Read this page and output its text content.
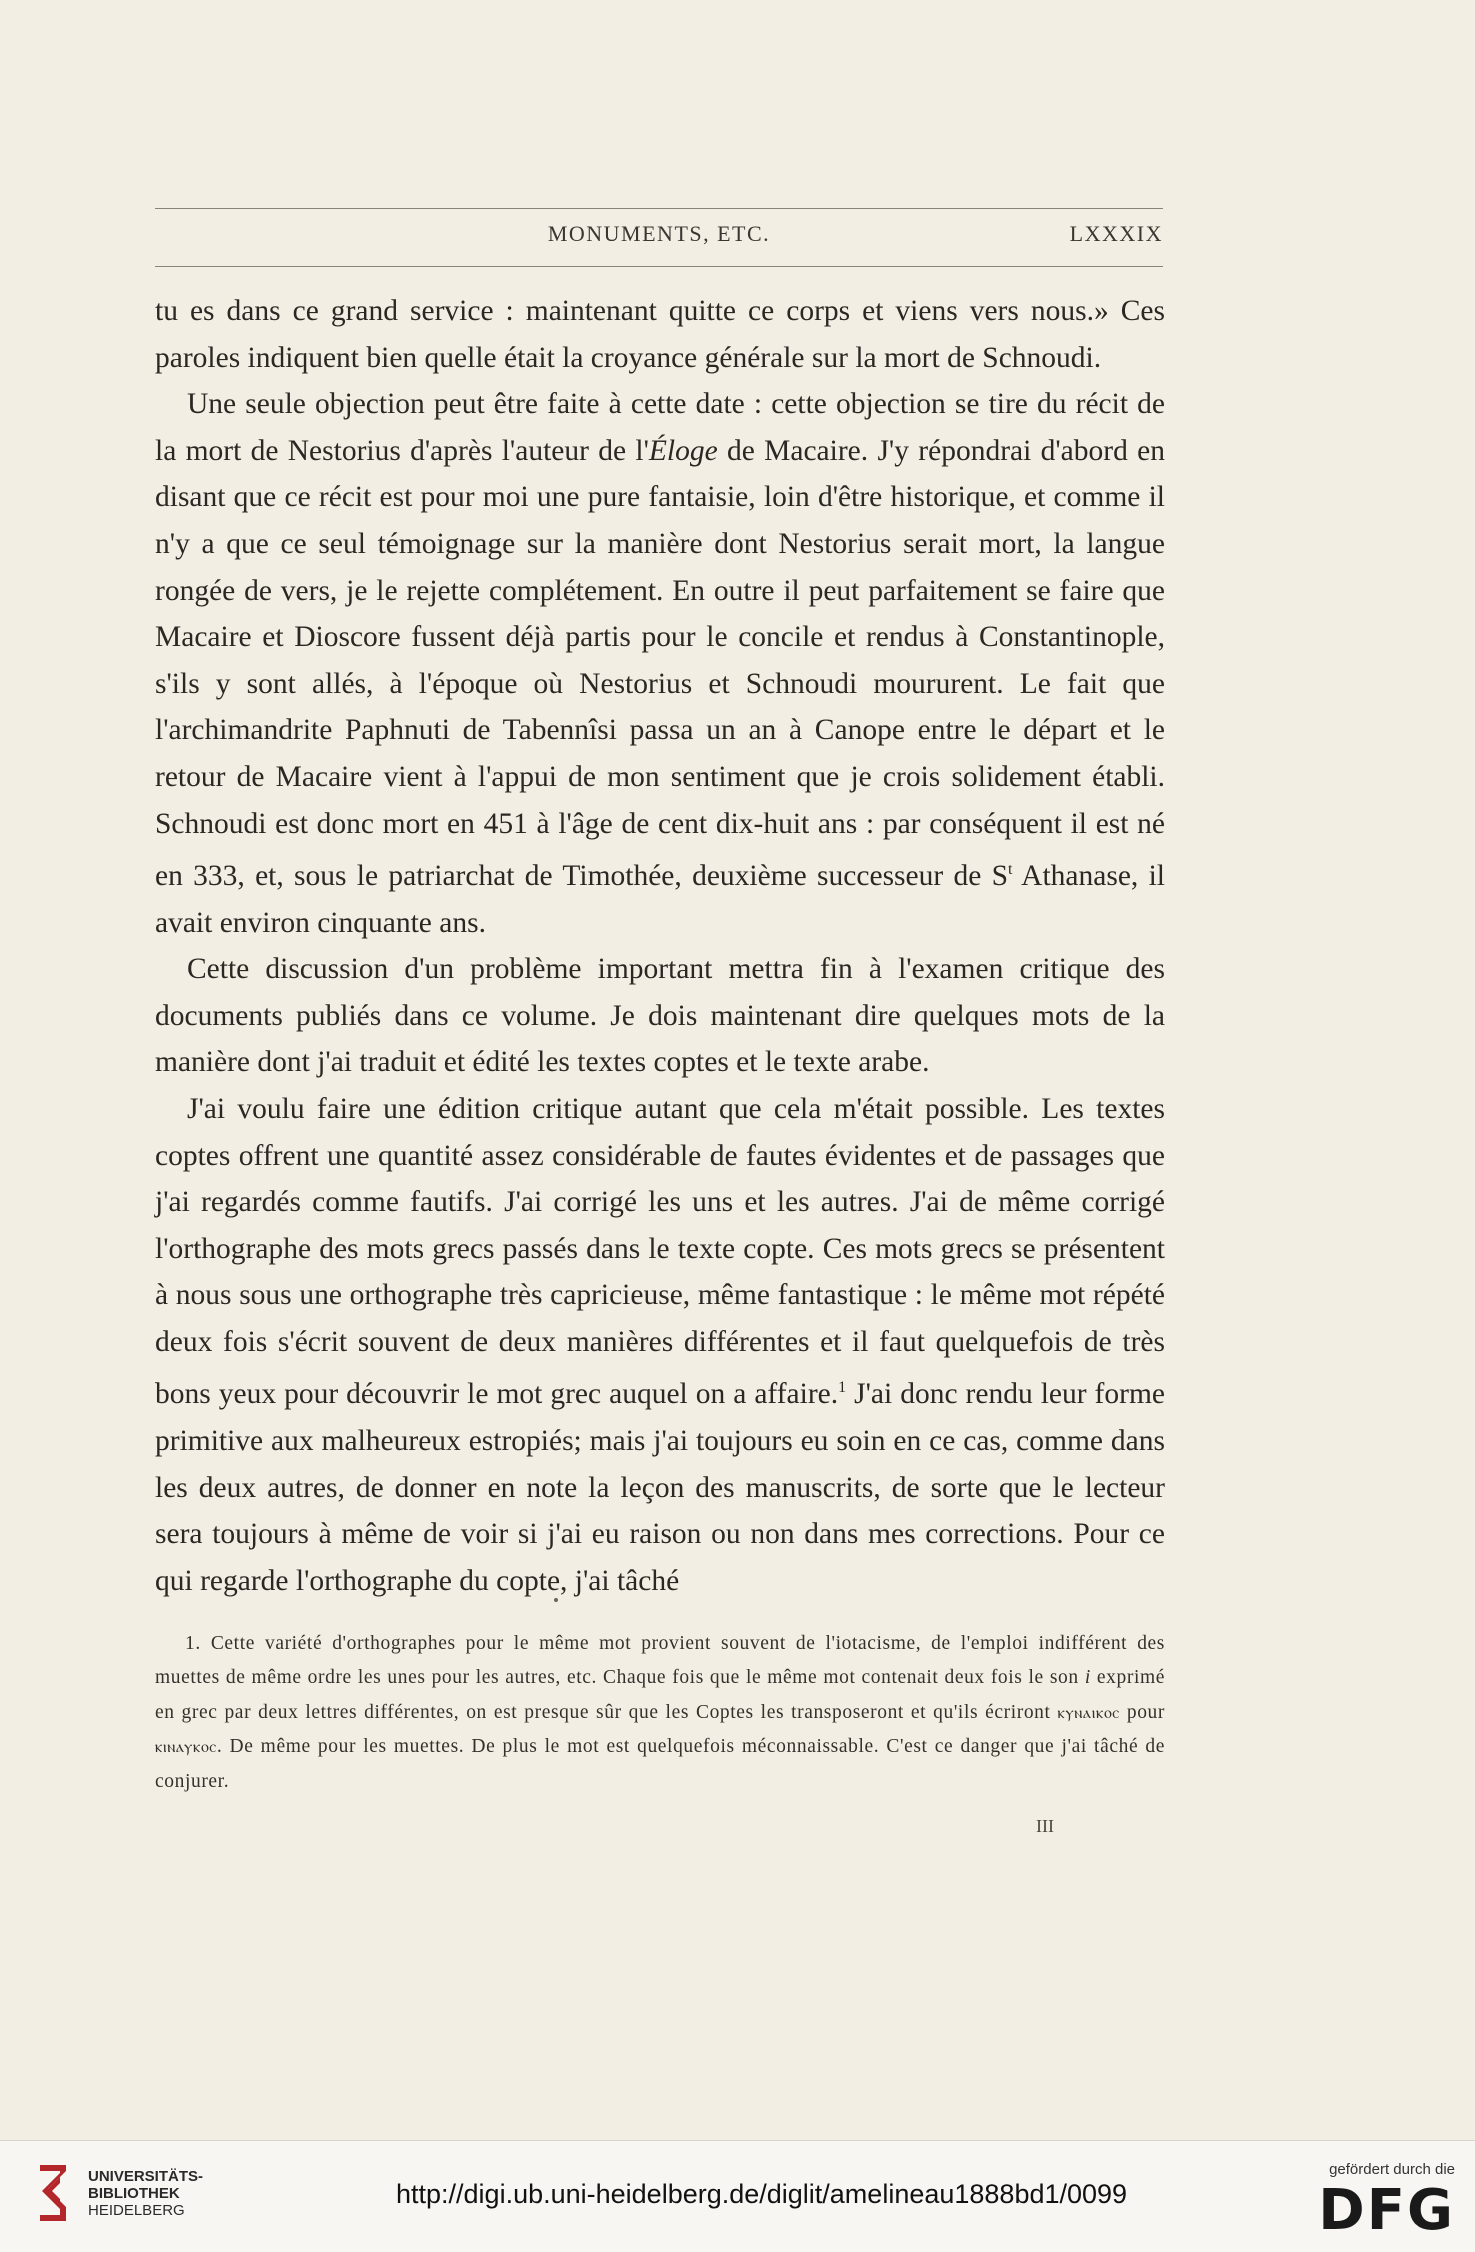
MONUMENTS, ETC.	LXXXIX

tu es dans ce grand service : maintenant quitte ce corps et viens vers nous.» Ces paroles indiquent bien quelle était la croyance générale sur la mort de Schnoudi.

Une seule objection peut être faite à cette date : cette objection se tire du récit de la mort de Nestorius d'après l'auteur de l'Éloge de Macaire. J'y répondrai d'abord en disant que ce récit est pour moi une pure fantaisie, loin d'être historique, et comme il n'y a que ce seul témoignage sur la manière dont Nestorius serait mort, la langue rongée de vers, je le rejette complétement. En outre il peut parfaitement se faire que Macaire et Dioscore fussent déjà partis pour le concile et rendus à Constantinople, s'ils y sont allés, à l'époque où Nestorius et Schnoudi moururent. Le fait que l'archimandrite Paphnuti de Tabennîsi passa un an à Canope entre le départ et le retour de Macaire vient à l'appui de mon sentiment que je crois solidement établi. Schnoudi est donc mort en 451 à l'âge de cent dix-huit ans : par conséquent il est né en 333, et, sous le patriarchat de Timothée, deuxième successeur de $S^t$ Athanase, il avait environ cinquante ans.

Cette discussion d'un problème important mettra fin à l'examen critique des documents publiés dans ce volume. Je dois maintenant dire quelques mots de la manière dont j'ai traduit et édité les textes coptes et le texte arabe.

J'ai voulu faire une édition critique autant que cela m'était possible. Les textes coptes offrent une quantité assez considérable de fautes évidentes et de passages que j'ai regardés comme fautifs. J'ai corrigé les uns et les autres. J'ai de même corrigé l'orthographe des mots grecs passés dans le texte copte. Ces mots grecs se présentent à nous sous une orthographe très capricieuse, même fantastique : le même mot répété deux fois s'écrit souvent de deux manières différentes et il faut quelquefois de très bons yeux pour découvrir le mot grec auquel on a affaire.$^1$ J'ai donc rendu leur forme primitive aux malheureux estropiés; mais j'ai toujours eu soin en ce cas, comme dans les deux autres, de donner en note la leçon des manuscrits, de sorte que le lecteur sera toujours à même de voir si j'ai eu raison ou non dans mes corrections. Pour ce qui regarde l'orthographe du copte, j'ai tâché

1. Cette variété d'orthographes pour le même mot provient souvent de l'iotacisme, de l'emploi indifférent des muettes de même ordre les unes pour les autres, etc. Chaque fois que le même mot contenait deux fois le son i exprimé en grec par deux lettres différentes, on est presque sûr que les Coptes les transposeront et qu'ils écriront ⲕⲩⲛⲁⲓⲕⲟⲥ pour ⲕⲓⲛⲁⲩⲕⲟⲥ. De même pour les muettes. De plus le mot est quelquefois méconnaissable. C'est ce danger que j'ai tâché de conjurer.

III
UNIVERSITÄTS-
BIBLIOTHEK
HEIDELBERG
http://digi.ub.uni-heidelberg.de/diglit/amelineau1888bd1/0099
gefördert durch die
DFG
